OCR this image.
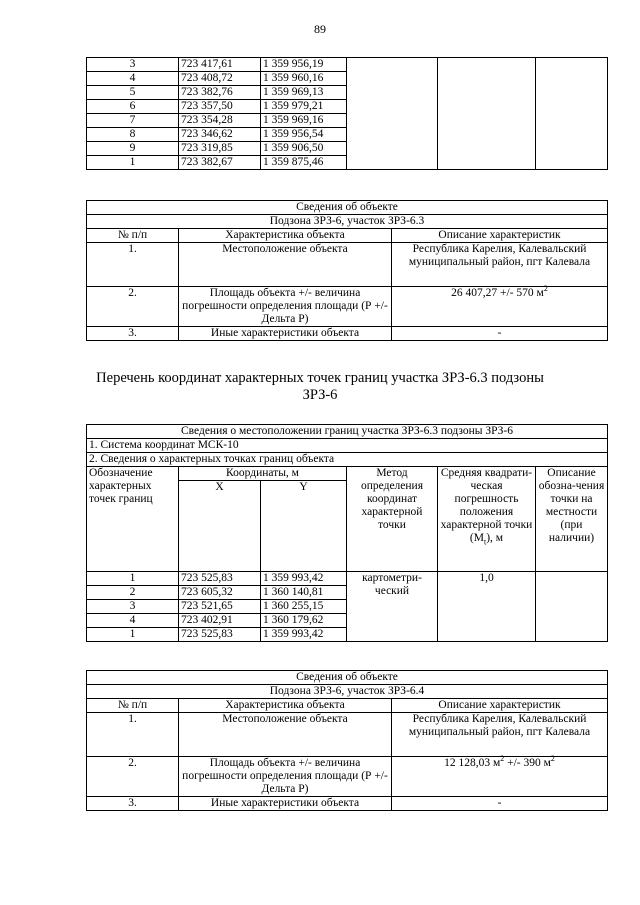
89
3	723 417,61	1 359 956,19			
4	723 408,72	1 359 960,16			
5	723 382,76	1 359 969,13			
6	723 357,50	1 359 979,21			
7	723 354,28	1 359 969,16			
8	723 346,62	1 359 956,54			
9	723 319,85	1 359 906,50			
1	723 382,67	1 359 875,46			
Сведения об объекте		
Подзона ЗРЗ-6, участок ЗРЗ-6.3		
№ п/п	Характеристика объекта	Описание характеристик
1.	Местоположение объекта	Республика Карелия, Калевальский муниципальный район, пгт Калевала
2.	Площадь объекта +/- величина погрешности определения площади (Р +/- Дельта Р)	26 407,27 +/- 570 $м^2$
3.	Иные характеристики объекта	-
Перечень координат характерных точек границ участка ЗРЗ-6.3 подзоны ЗРЗ-6
Сведения о местоположении границ участка ЗРЗ-6.3 подзоны ЗРЗ-6					
1. Система координат МСК-10					
2. Сведения о характерных точках границ объекта					
Обозначение характерных точек границ	Координаты, м		Метод определения координат характерной точки	Средняя квадрати-ческая погрешность положения характерной точки $(M_t)$, м	Описание обозна-чения точки на местности (при наличии)
	X	Y			
1	723 525,83	1 359 993,42	картометри-ческий	1,0	
2	723 605,32	1 360 140,81			
3	723 521,65	1 360 255,15			
4	723 402,91	1 360 179,62			
1	723 525,83	1 359 993,42			
Сведения об объекте		
Подзона ЗРЗ-6, участок ЗРЗ-6.4		
№ п/п	Характеристика объекта	Описание характеристик
1.	Местоположение объекта	Республика Карелия, Калевальский муниципальный район, пгт Калевала
2.	Площадь объекта +/- величина погрешности определения площади (Р +/- Дельта Р)	12 128,03 $м^2$ +/- 390 $м^2$
3.	Иные характеристики объекта	-
